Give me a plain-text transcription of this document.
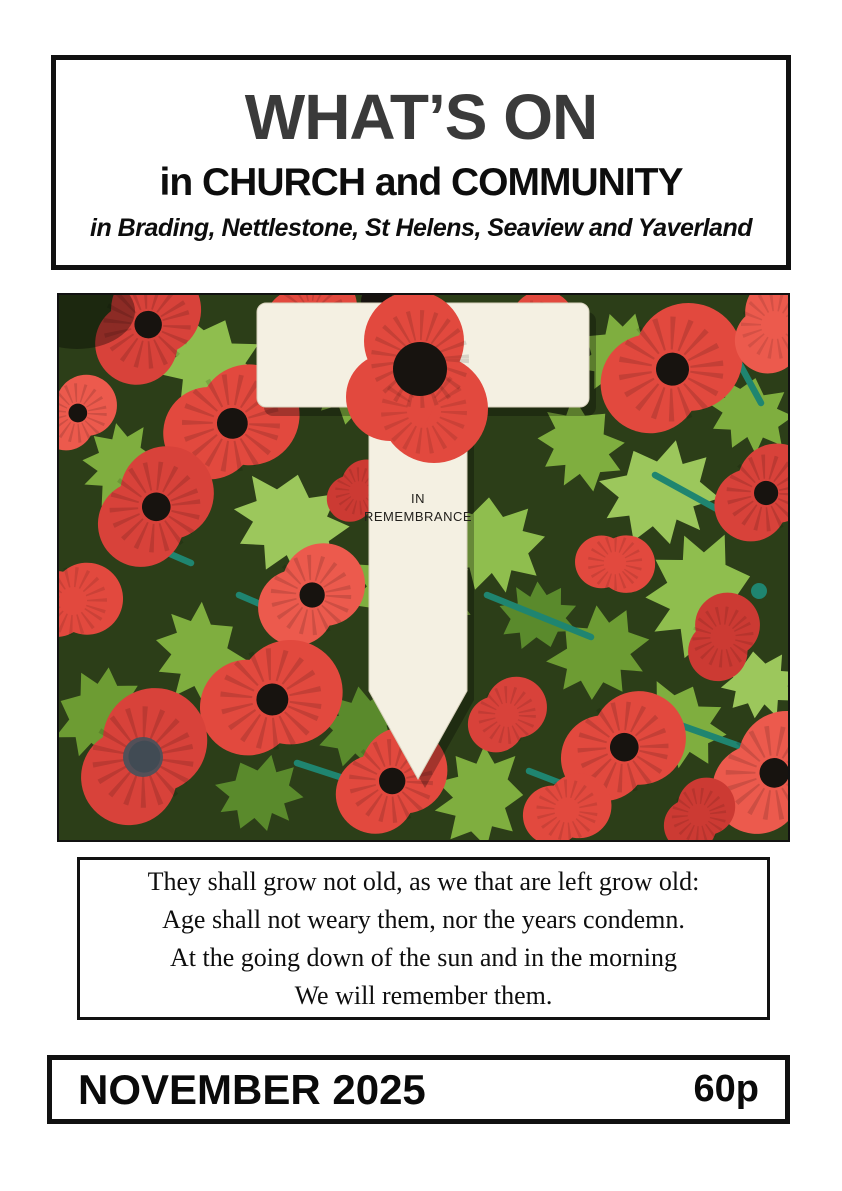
WHAT’S ON
in CHURCH and COMMUNITY
in Brading, Nettlestone, St Helens, Seaview and Yaverland
IN
REMEMBRANCE
They shall grow not old, as we that are left grow old:
Age shall not weary them, nor the years condemn.
At the going down of the sun and in the morning
We will remember them.
NOVEMBER 2025	60p
